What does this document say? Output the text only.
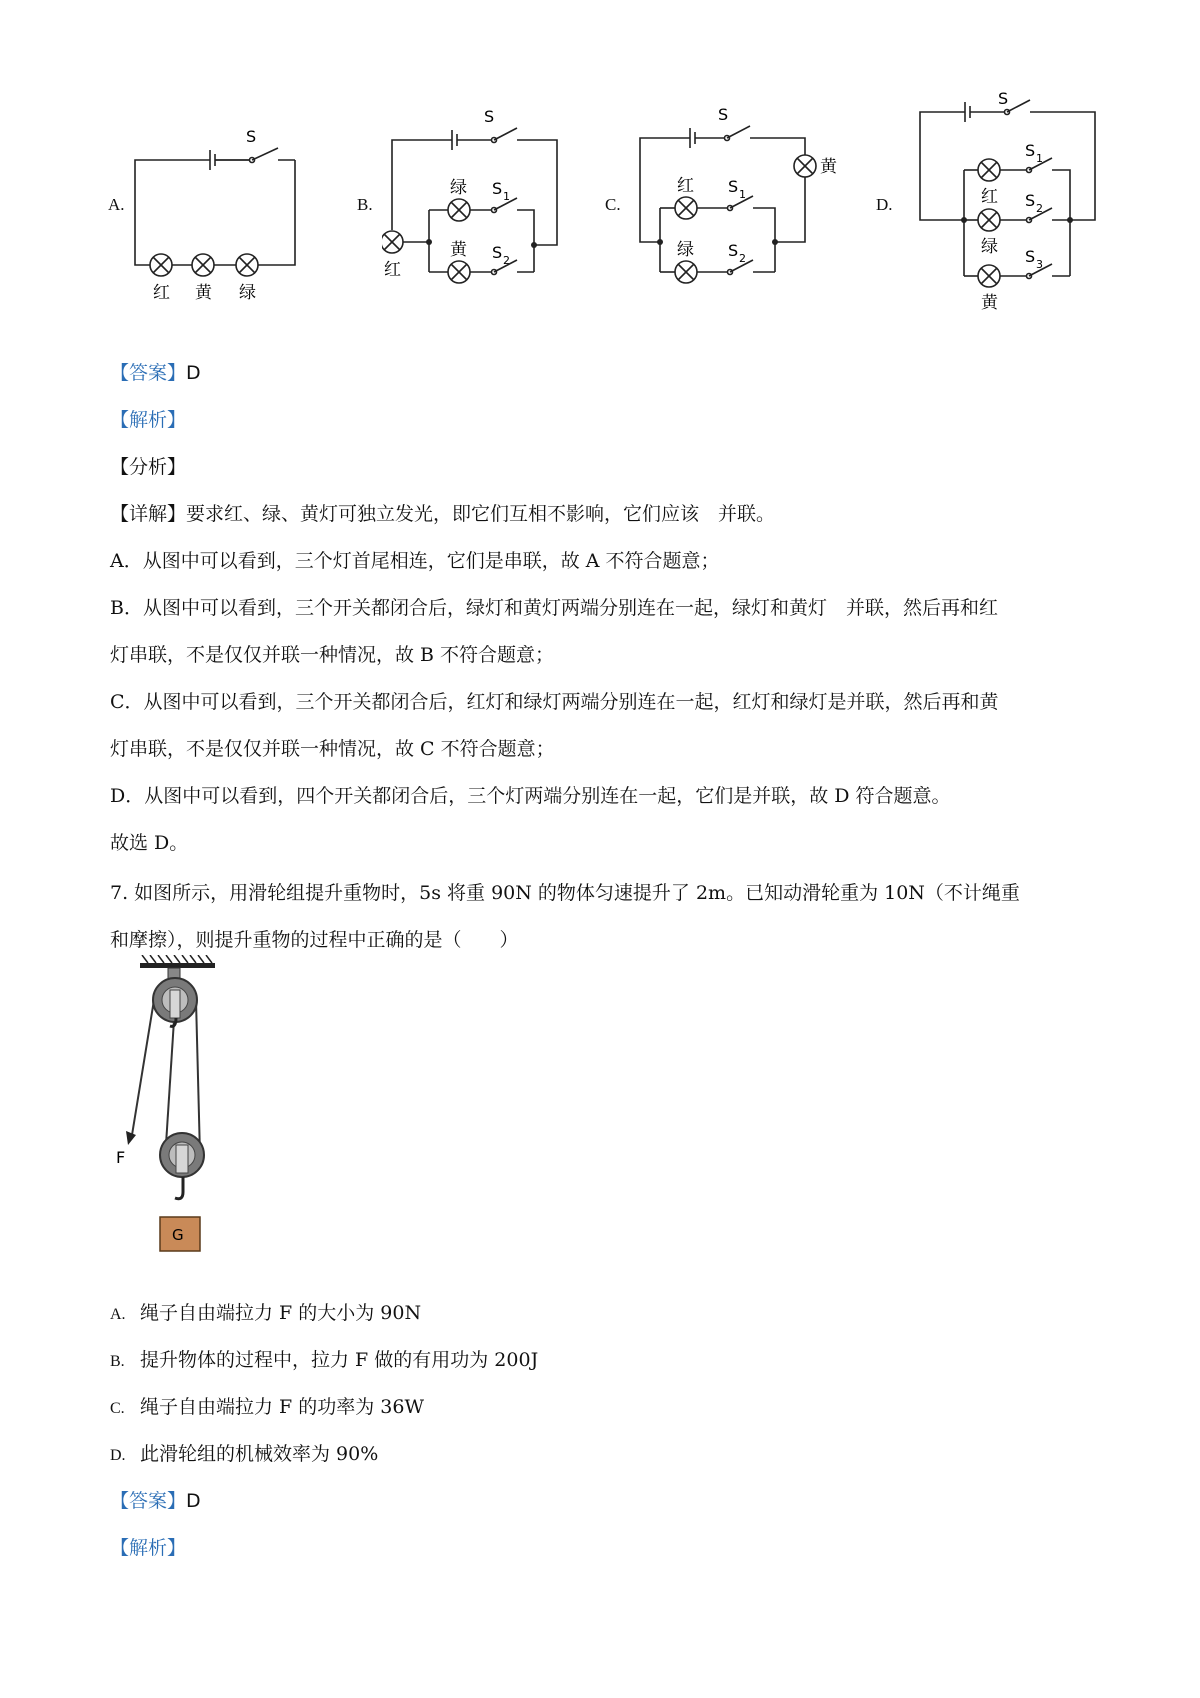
A.	B.	C.	D.
S
红 黄 绿
S
S 1
S 2
绿
黄
红
S
S 1
S 2
黄
红
绿
S
S 1
S 2
S 3
红
绿
黄
【答案】D
【解析】
【分析】
【详解】要求红、绿、黄灯可独立发光，即它们互相不影响，它们应该　并联。
A．从图中可以看到，三个灯首尾相连，它们是串联，故 A 不符合题意；
B．从图中可以看到，三个开关都闭合后，绿灯和黄灯两端分别连在一起，绿灯和黄灯　并联，然后再和红
灯串联，不是仅仅并联一种情况，故 B 不符合题意；
C．从图中可以看到，三个开关都闭合后，红灯和绿灯两端分别连在一起，红灯和绿灯是并联，然后再和黄
灯串联，不是仅仅并联一种情况，故 C 不符合题意；
D．从图中可以看到，四个开关都闭合后，三个灯两端分别连在一起，它们是并联，故 D 符合题意。
故选 D。
7. 如图所示，用滑轮组提升重物时，5s 将重 90N 的物体匀速提升了 2m。已知动滑轮重为 10N（不计绳重
和摩擦），则提升重物的过程中正确的是（　　）
G
F
A. 绳子自由端拉力 F 的大小为 90N
B. 提升物体的过程中，拉力 F 做的有用功为 200J
C. 绳子自由端拉力 F 的功率为 36W
D. 此滑轮组的机械效率为 90%
【答案】D
【解析】
